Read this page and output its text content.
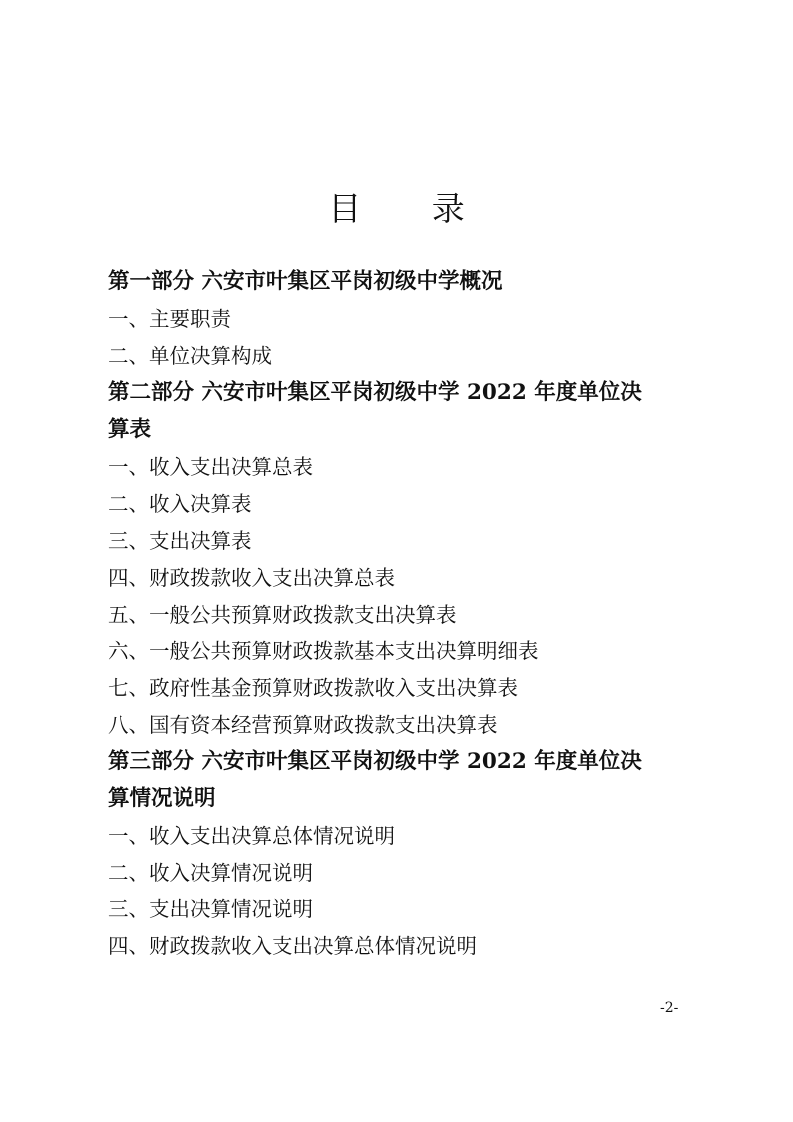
目 录
第一部分 六安市叶集区平岗初级中学概况
一、主要职责
二、单位决算构成
第二部分 六安市叶集区平岗初级中学 2022 年度单位决
算表
一、收入支出决算总表
二、收入决算表
三、支出决算表
四、财政拨款收入支出决算总表
五、一般公共预算财政拨款支出决算表
六、一般公共预算财政拨款基本支出决算明细表
七、政府性基金预算财政拨款收入支出决算表
八、国有资本经营预算财政拨款支出决算表
第三部分 六安市叶集区平岗初级中学 2022 年度单位决
算情况说明
一、收入支出决算总体情况说明
二、收入决算情况说明
三、支出决算情况说明
四、财政拨款收入支出决算总体情况说明
-2-
